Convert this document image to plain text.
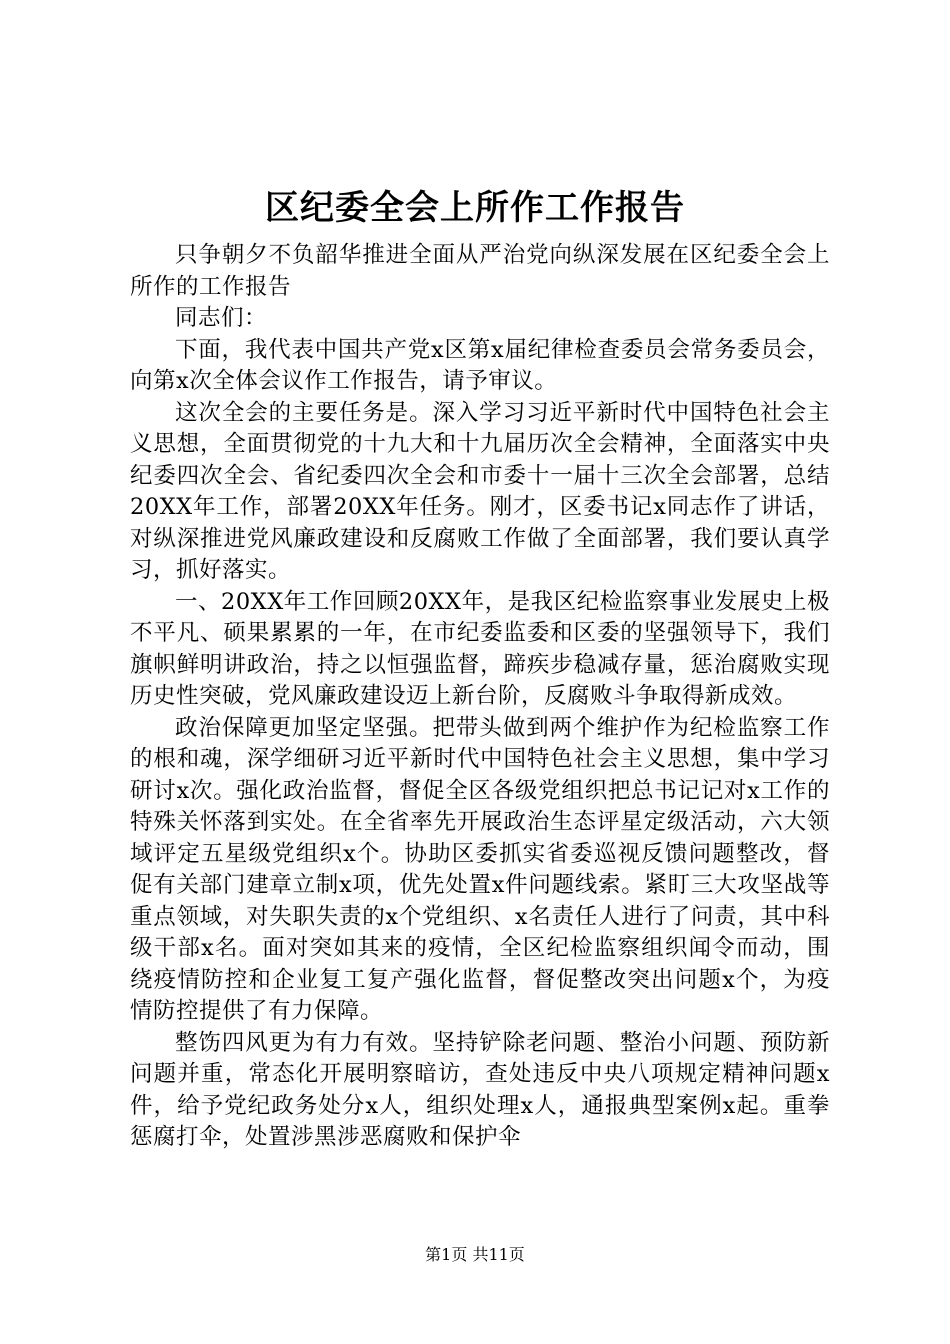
区纪委全会上所作工作报告

只争朝夕不负韶华推进全面从严治党向纵深发展在区纪委全会上所作的工作报告

同志们：

下面，我代表中国共产党x区第x届纪律检查委员会常务委员会，向第x次全体会议作工作报告，请予审议。

这次全会的主要任务是。深入学习习近平新时代中国特色社会主义思想，全面贯彻党的十九大和十九届历次全会精神，全面落实中央纪委四次全会、省纪委四次全会和市委十一届十三次全会部署，总结20XX年工作，部署20XX年任务。刚才，区委书记x同志作了讲话，对纵深推进党风廉政建设和反腐败工作做了全面部署，我们要认真学习，抓好落实。

一、20XX年工作回顾20XX年，是我区纪检监察事业发展史上极不平凡、硕果累累的一年，在市纪委监委和区委的坚强领导下，我们旗帜鲜明讲政治，持之以恒强监督，蹄疾步稳减存量，惩治腐败实现历史性突破，党风廉政建设迈上新台阶，反腐败斗争取得新成效。

政治保障更加坚定坚强。把带头做到两个维护作为纪检监察工作的根和魂，深学细研习近平新时代中国特色社会主义思想，集中学习研讨x次。强化政治监督，督促全区各级党组织把总书记记对x工作的特殊关怀落到实处。在全省率先开展政治生态评星定级活动，六大领域评定五星级党组织x个。协助区委抓实省委巡视反馈问题整改，督促有关部门建章立制x项，优先处置x件问题线索。紧盯三大攻坚战等重点领域，对失职失责的x个党组织、x名责任人进行了问责，其中科级干部x名。面对突如其来的疫情，全区纪检监察组织闻令而动，围绕疫情防控和企业复工复产强化监督，督促整改突出问题x个，为疫情防控提供了有力保障。

整饬四风更为有力有效。坚持铲除老问题、整治小问题、预防新问题并重，常态化开展明察暗访，查处违反中央八项规定精神问题x件，给予党纪政务处分x人，组织处理x人，通报典型案例x起。重拳惩腐打伞，处置涉黑涉恶腐败和保护伞

第1页 共11页
